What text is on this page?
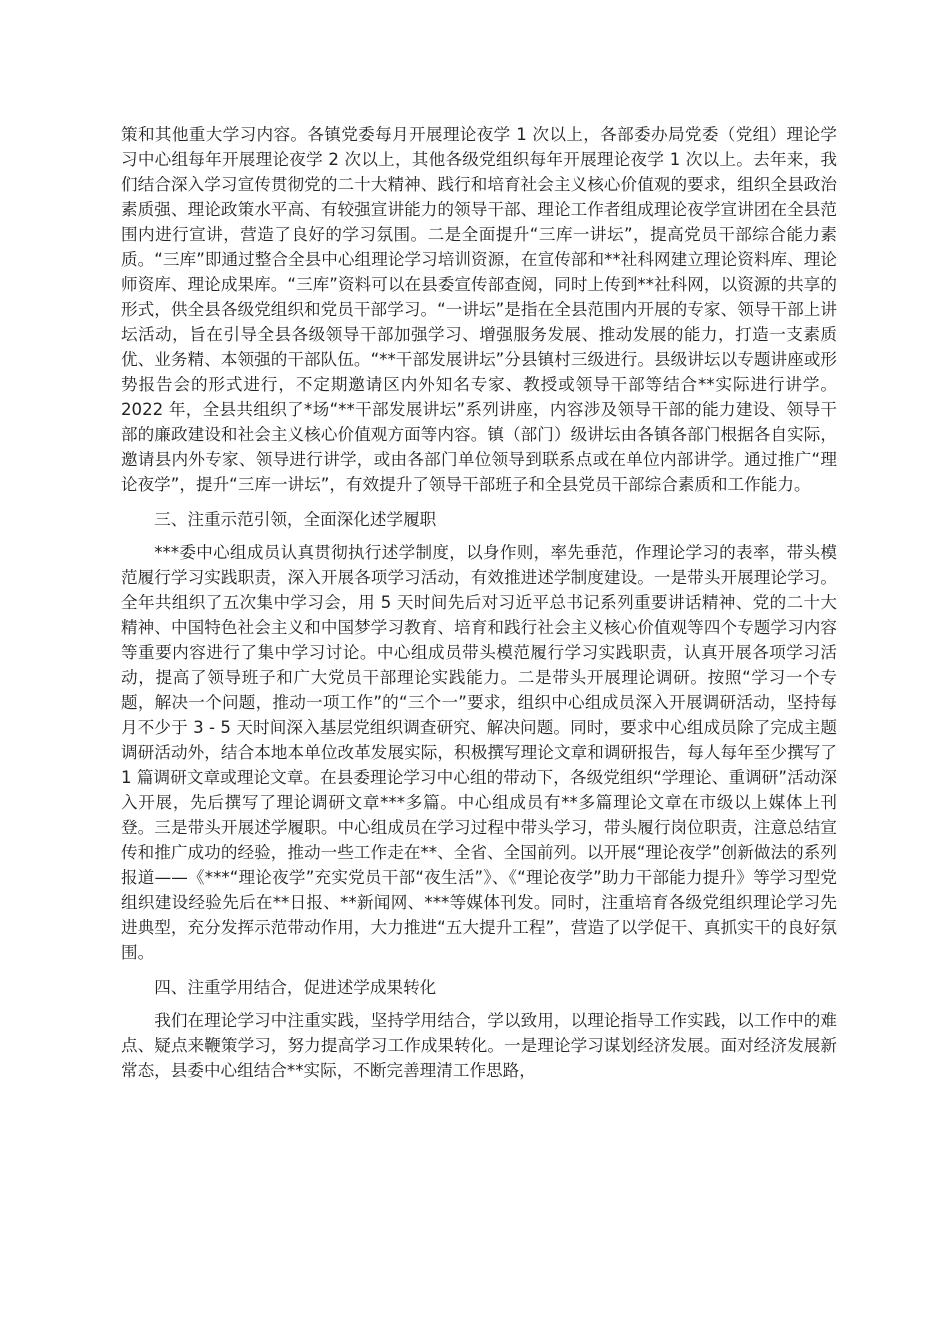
策和其他重大学习内容。各镇党委每月开展理论夜学 1 次以上，各部委办局党委（党组）理论学习中心组每年开展理论夜学 2 次以上，其他各级党组织每年开展理论夜学 1 次以上。去年来，我们结合深入学习宣传贯彻党的二十大精神、践行和培育社会主义核心价值观的要求，组织全县政治素质强、理论政策水平高、有较强宣讲能力的领导干部、理论工作者组成理论夜学宣讲团在全县范围内进行宣讲，营造了良好的学习氛围。二是全面提升“三库一讲坛”，提高党员干部综合能力素质。“三库”即通过整合全县中心组理论学习培训资源，在宣传部和**社科网建立理论资料库、理论师资库、理论成果库。“三库”资料可以在县委宣传部查阅，同时上传到**社科网，以资源的共享的形式，供全县各级党组织和党员干部学习。“一讲坛”是指在全县范围内开展的专家、领导干部上讲坛活动，旨在引导全县各级领导干部加强学习、增强服务发展、推动发展的能力，打造一支素质优、业务精、本领强的干部队伍。“**干部发展讲坛”分县镇村三级进行。县级讲坛以专题讲座或形势报告会的形式进行，不定期邀请区内外知名专家、教授或领导干部等结合**实际进行讲学。2022 年，全县共组织了*场“**干部发展讲坛”系列讲座，内容涉及领导干部的能力建设、领导干部的廉政建设和社会主义核心价值观方面等内容。镇（部门）级讲坛由各镇各部门根据各自实际，邀请县内外专家、领导进行讲学，或由各部门单位领导到联系点或在单位内部讲学。通过推广“理论夜学”，提升“三库一讲坛”，有效提升了领导干部班子和全县党员干部综合素质和工作能力。

三、注重示范引领，全面深化述学履职

***委中心组成员认真贯彻执行述学制度，以身作则，率先垂范，作理论学习的表率，带头模范履行学习实践职责，深入开展各项学习活动，有效推进述学制度建设。一是带头开展理论学习。全年共组织了五次集中学习会，用 5 天时间先后对习近平总书记系列重要讲话精神、党的二十大精神、中国特色社会主义和中国梦学习教育、培育和践行社会主义核心价值观等四个专题学习内容等重要内容进行了集中学习讨论。中心组成员带头模范履行学习实践职责，认真开展各项学习活动，提高了领导班子和广大党员干部理论实践能力。二是带头开展理论调研。按照“学习一个专题，解决一个问题，推动一项工作”的“三个一”要求，组织中心组成员深入开展调研活动，坚持每月不少于 3 - 5 天时间深入基层党组织调查研究、解决问题。同时，要求中心组成员除了完成主题调研活动外，结合本地本单位改革发展实际，积极撰写理论文章和调研报告，每人每年至少撰写了 1 篇调研文章或理论文章。在县委理论学习中心组的带动下，各级党组织“学理论、重调研”活动深入开展，先后撰写了理论调研文章***多篇。中心组成员有**多篇理论文章在市级以上媒体上刊登。三是带头开展述学履职。中心组成员在学习过程中带头学习，带头履行岗位职责，注意总结宣传和推广成功的经验，推动一些工作走在**、全省、全国前列。以开展“理论夜学”创新做法的系列报道——《***“理论夜学”充实党员干部“夜生活”》、《“理论夜学”助力干部能力提升》等学习型党组织建设经验先后在**日报、**新闻网、***等媒体刊发。同时，注重培育各级党组织理论学习先进典型，充分发挥示范带动作用，大力推进“五大提升工程”，营造了以学促干、真抓实干的良好氛围。

四、注重学用结合，促进述学成果转化

我们在理论学习中注重实践，坚持学用结合，学以致用，以理论指导工作实践，以工作中的难点、疑点来鞭策学习，努力提高学习工作成果转化。一是理论学习谋划经济发展。面对经济发展新常态，县委中心组结合**实际，不断完善理清工作思路，
